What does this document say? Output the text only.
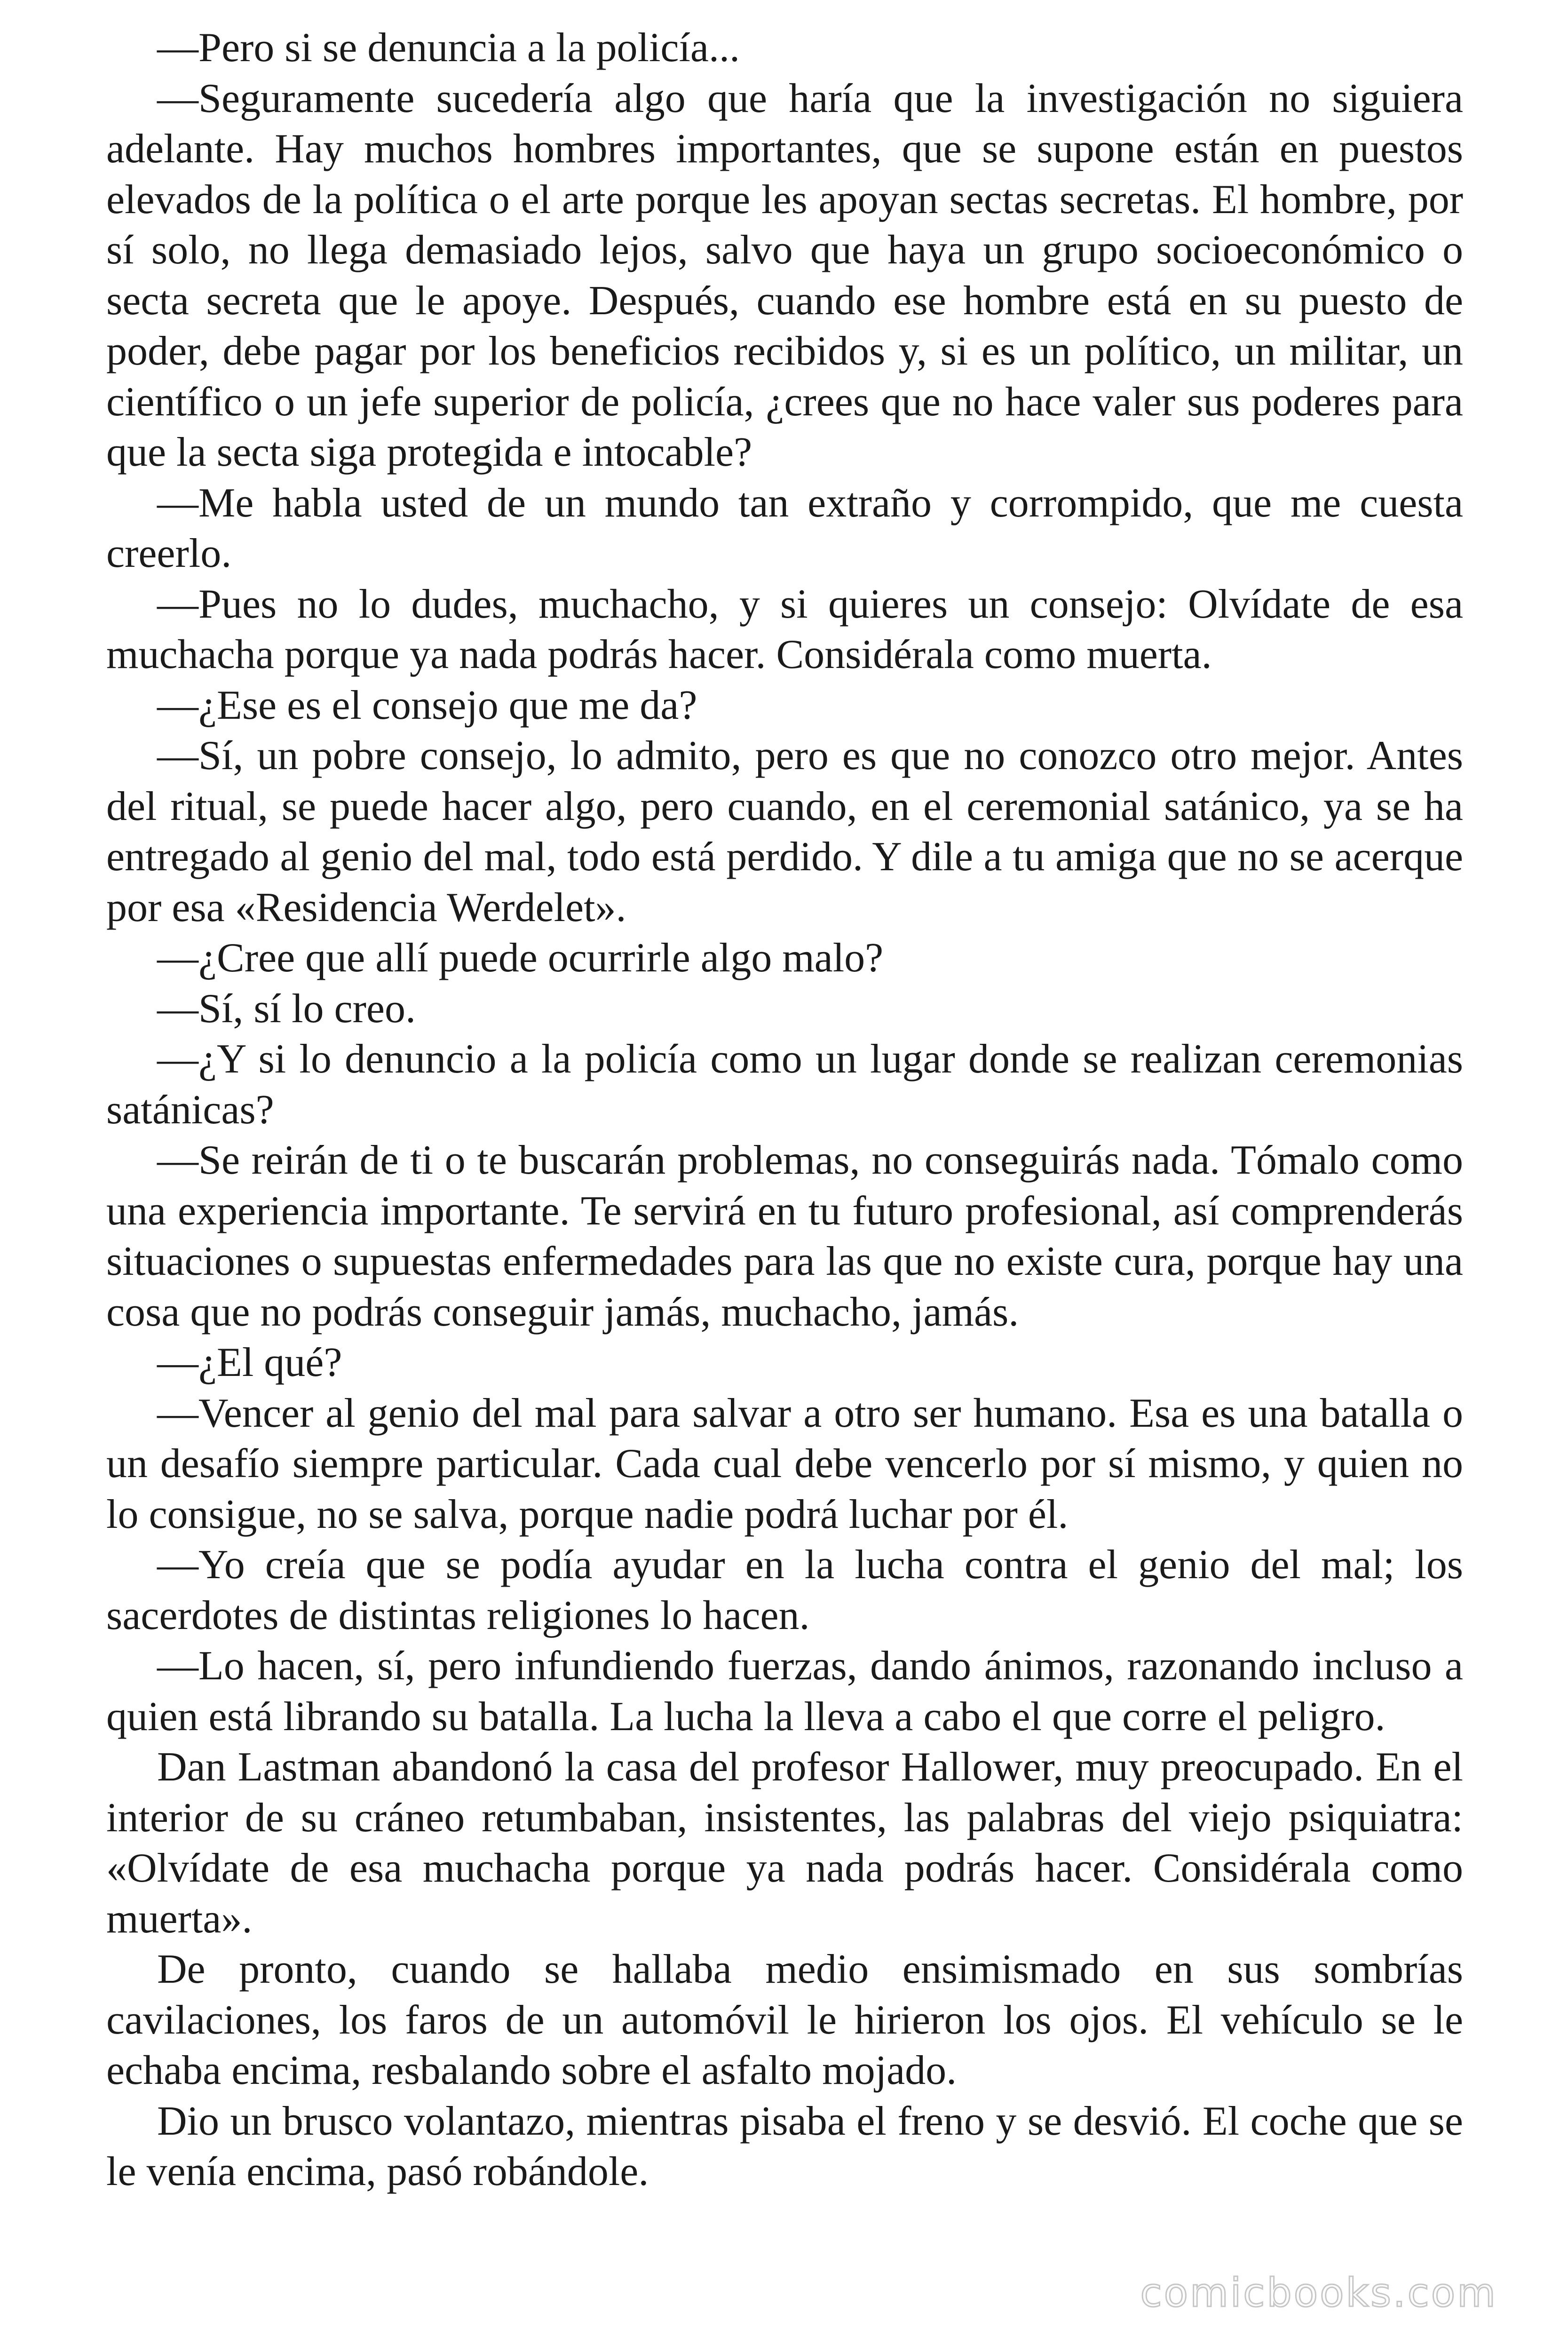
—Pero si se denuncia a la policía...

—Seguramente sucedería algo que haría que la investigación no siguiera adelante. Hay muchos hombres importantes, que se supone están en puestos elevados de la política o el arte porque les apoyan sectas secretas. El hombre, por sí solo, no llega demasiado lejos, salvo que haya un grupo socioeconómico o secta secreta que le apoye. Después, cuando ese hombre está en su puesto de poder, debe pagar por los beneficios recibidos y, si es un político, un militar, un científico o un jefe superior de policía, ¿crees que no hace valer sus poderes para que la secta siga protegida e intocable?

—Me habla usted de un mundo tan extraño y corrompido, que me cuesta creerlo.

—Pues no lo dudes, muchacho, y si quieres un consejo: Olvídate de esa muchacha porque ya nada podrás hacer. Considérala como muerta.

—¿Ese es el consejo que me da?

—Sí, un pobre consejo, lo admito, pero es que no conozco otro mejor. Antes del ritual, se puede hacer algo, pero cuando, en el ceremonial satánico, ya se ha entregado al genio del mal, todo está perdido. Y dile a tu amiga que no se acerque por esa «Residencia Werdelet».

—¿Cree que allí puede ocurrirle algo malo?

—Sí, sí lo creo.

—¿Y si lo denuncio a la policía como un lugar donde se realizan ceremonias satánicas?

—Se reirán de ti o te buscarán problemas, no conseguirás nada. Tómalo como una experiencia importante. Te servirá en tu futuro profesional, así comprenderás situaciones o supuestas enfermedades para las que no existe cura, porque hay una cosa que no podrás conseguir jamás, muchacho, jamás.

—¿El qué?

—Vencer al genio del mal para salvar a otro ser humano. Esa es una batalla o un desafío siempre particular. Cada cual debe vencerlo por sí mismo, y quien no lo consigue, no se salva, porque nadie podrá luchar por él.

—Yo creía que se podía ayudar en la lucha contra el genio del mal; los sacerdotes de distintas religiones lo hacen.

—Lo hacen, sí, pero infundiendo fuerzas, dando ánimos, razonando incluso a quien está librando su batalla. La lucha la lleva a cabo el que corre el peligro.

Dan Lastman abandonó la casa del profesor Hallower, muy preocupado. En el interior de su cráneo retumbaban, insistentes, las palabras del viejo psiquiatra: «Olvídate de esa muchacha porque ya nada podrás hacer. Considérala como muerta».

De pronto, cuando se hallaba medio ensimismado en sus sombrías cavilaciones, los faros de un automóvil le hirieron los ojos. El vehículo se le echaba encima, resbalando sobre el asfalto mojado.

Dio un brusco volantazo, mientras pisaba el freno y se desvió. El coche que se le venía encima, pasó robándole.

comicbooks.com
